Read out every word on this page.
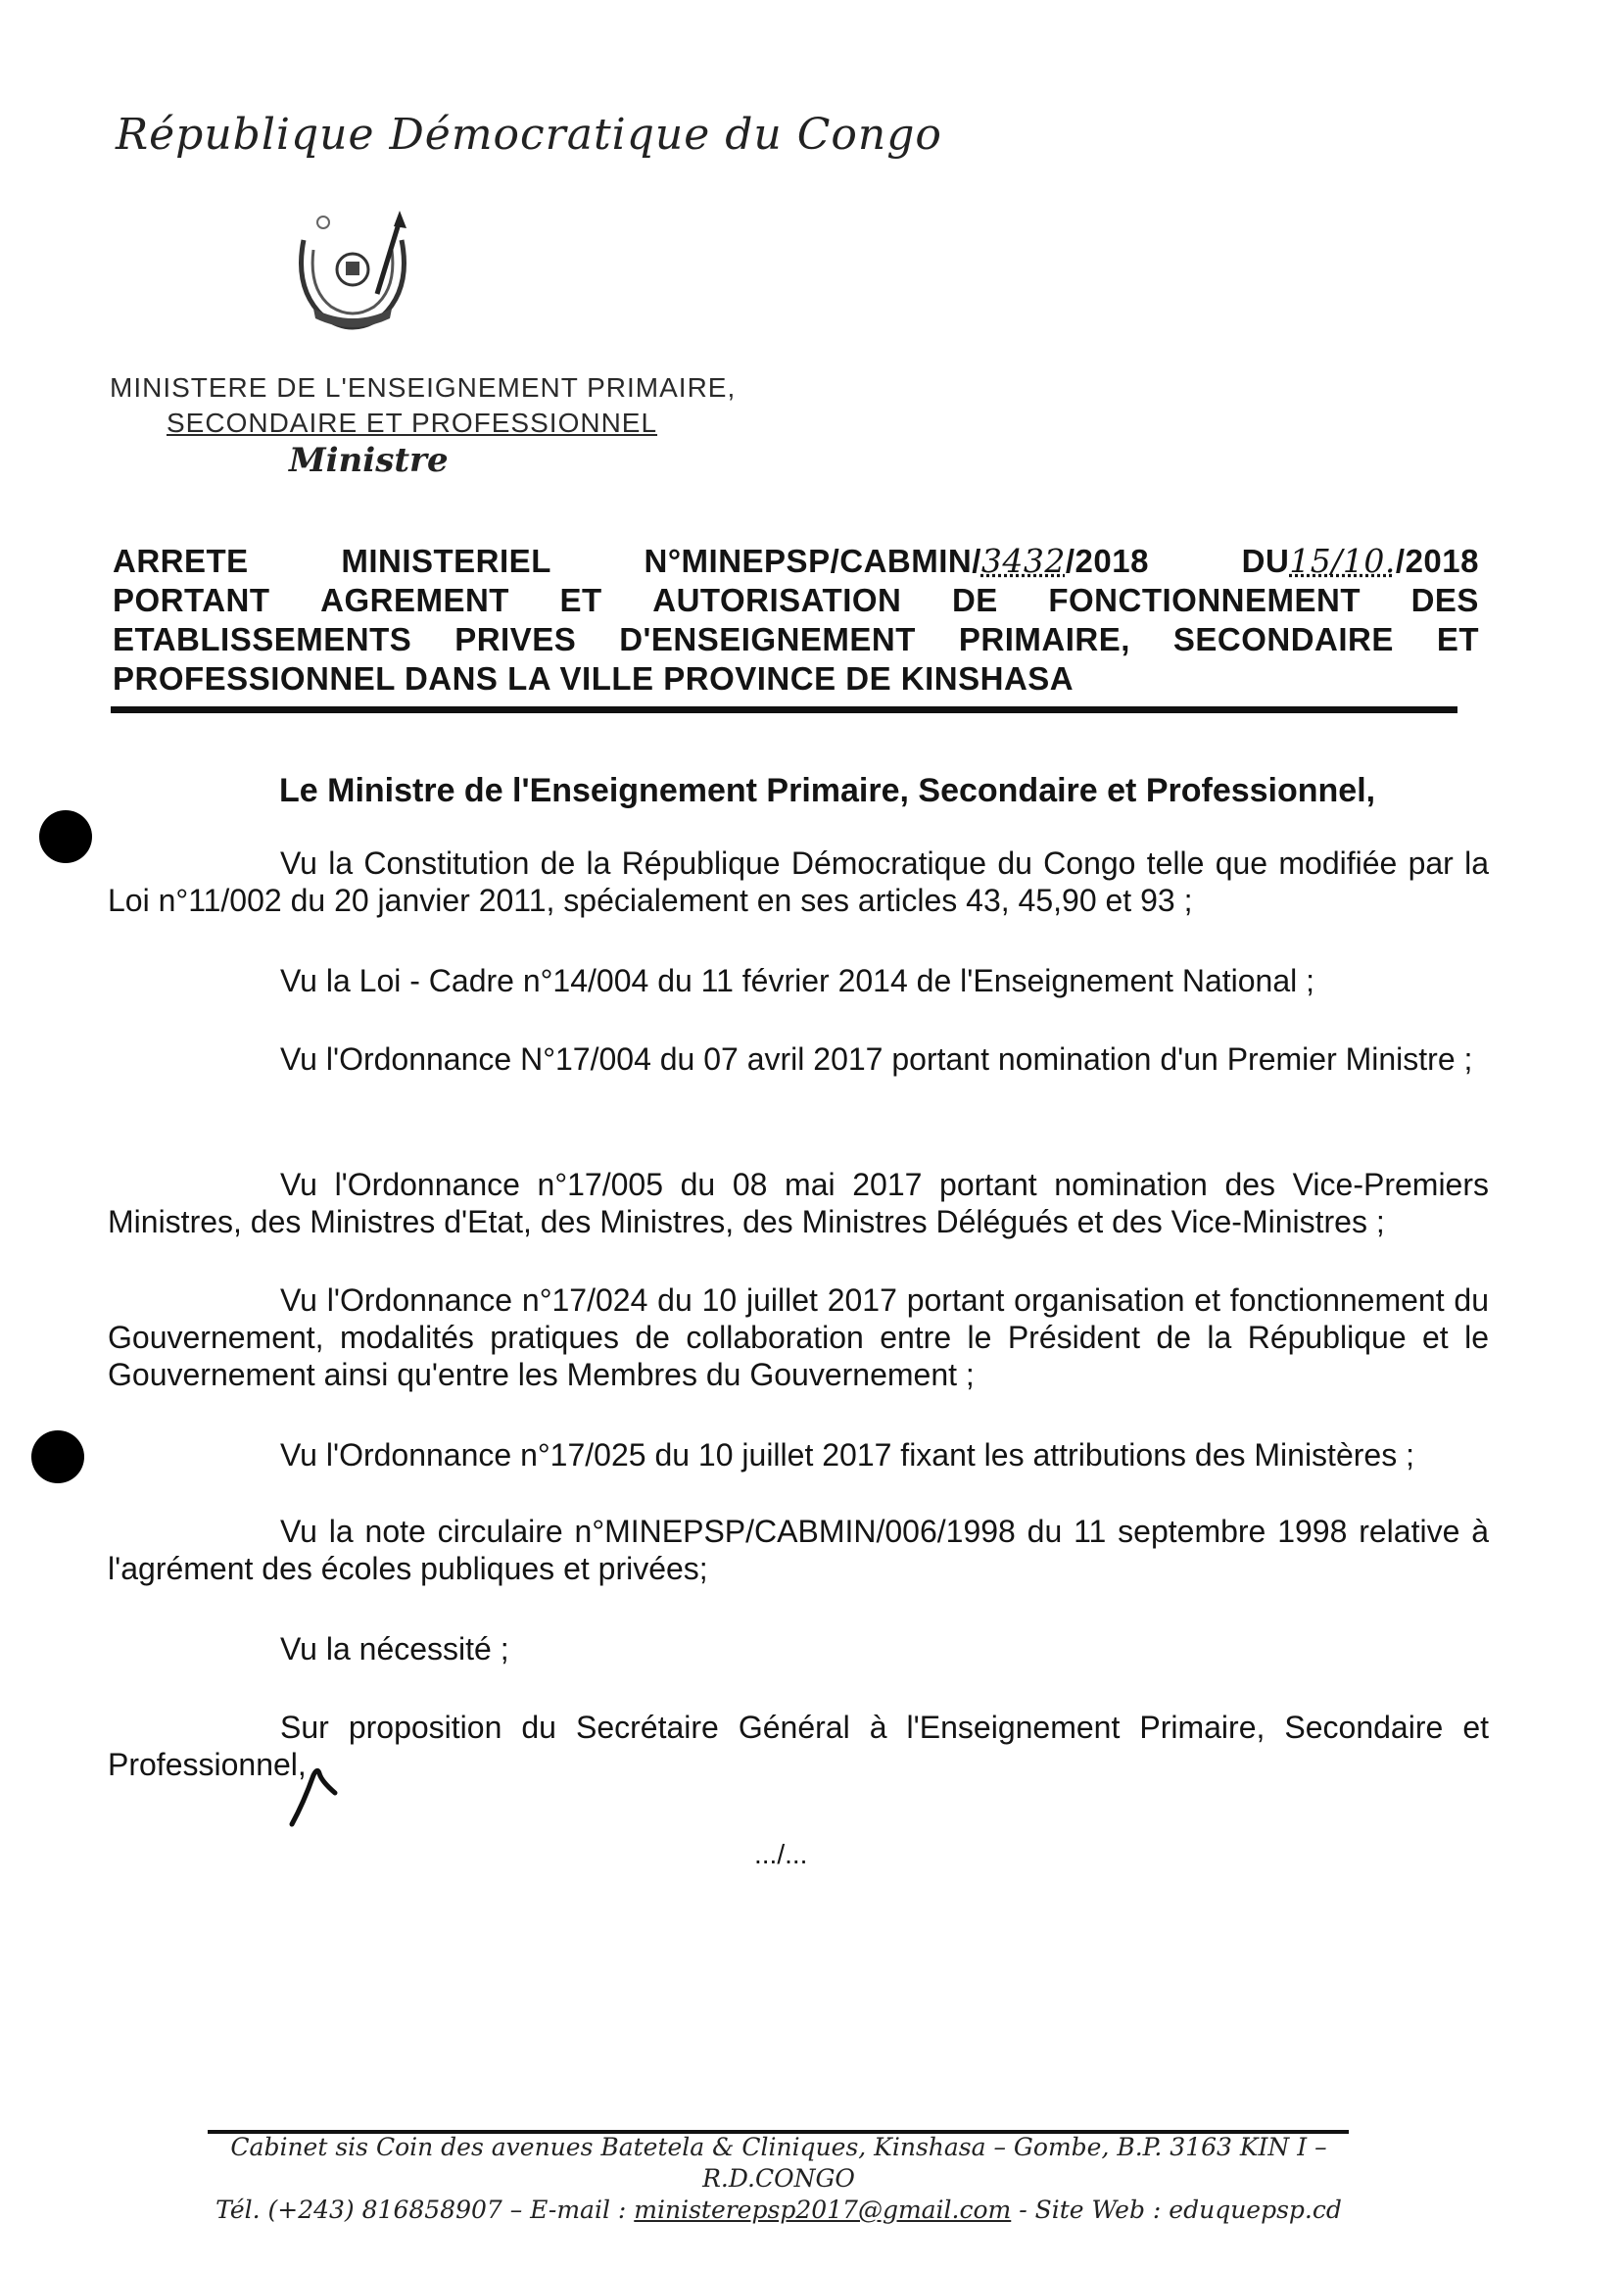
République Démocratique du Congo
MINISTERE DE L'ENSEIGNEMENT PRIMAIRE,
SECONDAIRE ET PROFESSIONNEL
Ministre
ARRETE	MINISTERIEL	N°MINEPSP/CABMIN/3432/2018	DU15/10./2018
PORTANT AGREMENT ET AUTORISATION DE FONCTIONNEMENT DES
ETABLISSEMENTS PRIVES D'ENSEIGNEMENT PRIMAIRE, SECONDAIRE ET
PROFESSIONNEL DANS LA VILLE PROVINCE DE KINSHASA
Le Ministre de l'Enseignement Primaire, Secondaire et Professionnel,
Vu la Constitution de la République Démocratique du Congo telle que modifiée par la Loi n°11/002 du 20 janvier 2011, spécialement en ses articles 43, 45,90 et 93 ;
Vu la Loi - Cadre n°14/004 du 11 février 2014 de l'Enseignement National ;
Vu l'Ordonnance N°17/004 du 07 avril 2017 portant nomination d'un Premier Ministre ;
Vu l'Ordonnance n°17/005 du 08 mai 2017 portant nomination des Vice-Premiers Ministres, des Ministres d'Etat, des Ministres, des Ministres Délégués et des Vice-Ministres ;
Vu l'Ordonnance n°17/024 du 10 juillet 2017 portant organisation et fonctionnement du Gouvernement, modalités pratiques de collaboration entre le Président de la République et le Gouvernement ainsi qu'entre les Membres du Gouvernement ;
Vu l'Ordonnance n°17/025 du 10 juillet 2017 fixant les attributions des Ministères ;
Vu la note circulaire n°MINEPSP/CABMIN/006/1998 du 11 septembre 1998 relative à l'agrément des écoles publiques et privées;
Vu la nécessité ;
Sur proposition du Secrétaire Général à l'Enseignement Primaire, Secondaire et Professionnel,
.../...
Cabinet sis Coin des avenues Batetela & Cliniques, Kinshasa – Gombe, B.P. 3163 KIN I – R.D.CONGO
Tél. (+243) 816858907 – E-mail : ministerepsp2017@gmail.com - Site Web : eduquepsp.cd
